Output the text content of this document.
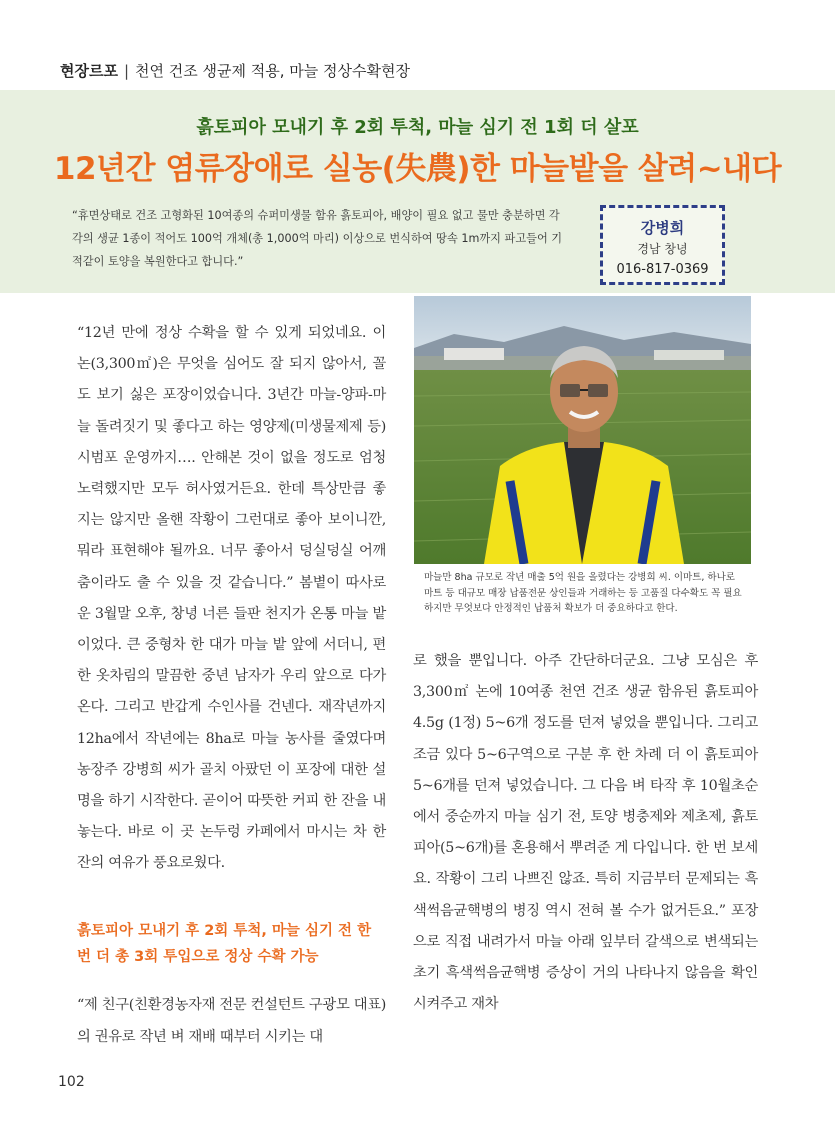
현장르포 | 천연 건조 생균제 적용, 마늘 정상수확현장
흙토피아 모내기 후 2회 투척, 마늘 심기 전 1회 더 살포
12년간 염류장애로 실농(失農)한 마늘밭을 살려~내다
“휴면상태로 건조 고형화된 10여종의 슈퍼미생물 함유 흙토피아, 배양이 필요 없고 물만 충분하면 각각의 생균 1종이 적어도 100억 개체(총 1,000억 마리) 이상으로 번식하여 땅속 1m까지 파고들어 기적같이 토양을 복원한다고 합니다.”
강병희
경남 창녕
016-817-0369

“12년 만에 정상 수확을 할 수 있게 되었네요. 이 논(3,300㎡)은 무엇을 심어도 잘 되지 않아서, 꼴도 보기 싫은 포장이었습니다. 3년간 마늘-양파-마늘 돌려짓기 및 좋다고 하는 영양제(미생물제제 등) 시범포 운영까지…. 안해본 것이 없을 정도로 엄청 노력했지만 모두 허사였거든요. 한데 특상만큼 좋지는 않지만 올핸 작황이 그런대로 좋아 보이니깐, 뭐라 표현해야 될까요. 너무 좋아서 덩실덩실 어깨춤이라도 출 수 있을 것 같습니다.” 봄볕이 따사로운 3월말 오후, 창녕 너른 들판 천지가 온통 마늘 밭이었다. 큰 중형차 한 대가 마늘 밭 앞에 서더니, 편한 옷차림의 말끔한 중년 남자가 우리 앞으로 다가온다. 그리고 반갑게 수인사를 건넨다. 재작년까지 12ha에서 작년에는 8ha로 마늘 농사를 줄였다며 농장주 강병희 씨가 골치 아팠던 이 포장에 대한 설명을 하기 시작한다. 곧이어 따뜻한 커피 한 잔을 내놓는다. 바로 이 곳 논두렁 카페에서 마시는 차 한 잔의 여유가 풍요로웠다.

흙토피아 모내기 후 2회 투척, 마늘 심기 전 한 번 더 총 3회 투입으로 정상 수확 가능

“제 친구(친환경농자재 전문 컨설턴트 구광모 대표)의 권유로 작년 벼 재배 때부터 시키는 대

마늘만 8ha 규모로 작년 매출 5억 원을 올렸다는 강병희 씨. 이마트, 하나로마트 등 대규모 매장 납품전문 상인들과 거래하는 등 고품질 다수확도 꼭 필요하지만 무엇보다 안정적인 납품처 확보가 더 중요하다고 한다.

로 했을 뿐입니다. 아주 간단하더군요. 그냥 모심은 후 3,300㎡ 논에 10여종 천연 건조 생균 함유된 흙토피아 4.5g (1정) 5~6개 정도를 던져 넣었을 뿐입니다. 그리고 조금 있다 5~6구역으로 구분 후 한 차례 더 이 흙토피아 5~6개를 던져 넣었습니다. 그 다음 벼 타작 후 10월초순에서 중순까지 마늘 심기 전, 토양 병충제와 제초제, 흙토피아(5~6개)를 혼용해서 뿌려준 게 다입니다. 한 번 보세요. 작황이 그리 나쁘진 않죠. 특히 지금부터 문제되는 흑색썩음균핵병의 병징 역시 전혀 볼 수가 없거든요.” 포장으로 직접 내려가서 마늘 아래 잎부터 갈색으로 변색되는 초기 흑색썩음균핵병 증상이 거의 나타나지 않음을 확인시켜주고 재차

102
